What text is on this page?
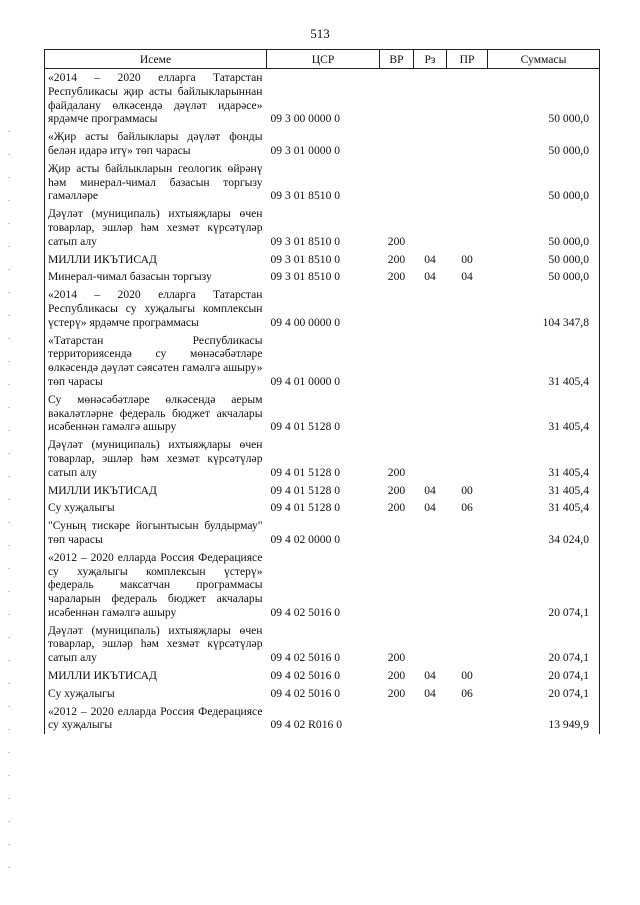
513
Исеме	ЦСР	ВР	Рз	ПР	Суммасы
«2014 – 2020 елларга Татарстан Республикасы җир асты байлыкларыннан файдалану өлкәсендә дәүләт идарәсе» ярдәмче программасы	09 3 00 0000 0				50 000,0
«Җир асты байлыклары дәүләт фонды белән идарә итү» төп чарасы	09 3 01 0000 0				50 000,0
Җир асты байлыкларын геологик өйрәнү һәм минерал-чимал базасын торгызу гамәлләре	09 3 01 8510 0				50 000,0
Дәүләт (муниципаль) ихтыяҗлары өчен товарлар, эшләр һәм хезмәт күрсәтүләр сатып алу	09 3 01 8510 0	200			50 000,0
МИЛЛИ ИКЪТИСАД	09 3 01 8510 0	200	04	00	50 000,0
Минерал-чимал базасын торгызу	09 3 01 8510 0	200	04	04	50 000,0
«2014 – 2020 елларга Татарстан Республикасы су хуҗалыгы комплексын үстерү» ярдәмче программасы	09 4 00 0000 0				104 347,8
«Татарстан Республикасы территориясендә су мөнәсәбәтләре өлкәсендә дәүләт сәясәтен гамәлгә ашыру» төп чарасы	09 4 01 0000 0				31 405,4
Су мөнәсәбәтләре өлкәсендә аерым вәкаләтләрне федераль бюджет акчалары исәбеннән гамәлгә ашыру	09 4 01 5128 0				31 405,4
Дәүләт (муниципаль) ихтыяҗлары өчен товарлар, эшләр һәм хезмәт күрсәтүләр сатып алу	09 4 01 5128 0	200			31 405,4
МИЛЛИ ИКЪТИСАД	09 4 01 5128 0	200	04	00	31 405,4
Су хуҗалыгы	09 4 01 5128 0	200	04	06	31 405,4
"Суның тискәре йогынтысын булдырмау" төп чарасы	09 4 02 0000 0				34 024,0
«2012 – 2020 елларда Россия Федерациясе су хуҗалыгы комплексын үстерү» федераль максатчан программасы чараларын федераль бюджет акчалары исәбеннән гамәлгә ашыру	09 4 02 5016 0				20 074,1
Дәүләт (муниципаль) ихтыяҗлары өчен товарлар, эшләр һәм хезмәт күрсәтүләр сатып алу	09 4 02 5016 0	200			20 074,1
МИЛЛИ ИКЪТИСАД	09 4 02 5016 0	200	04	00	20 074,1
Су хуҗалыгы	09 4 02 5016 0	200	04	06	20 074,1
«2012 – 2020 елларда Россия Федерациясе су хуҗалыгы	09 4 02 R016 0				13 949,9
